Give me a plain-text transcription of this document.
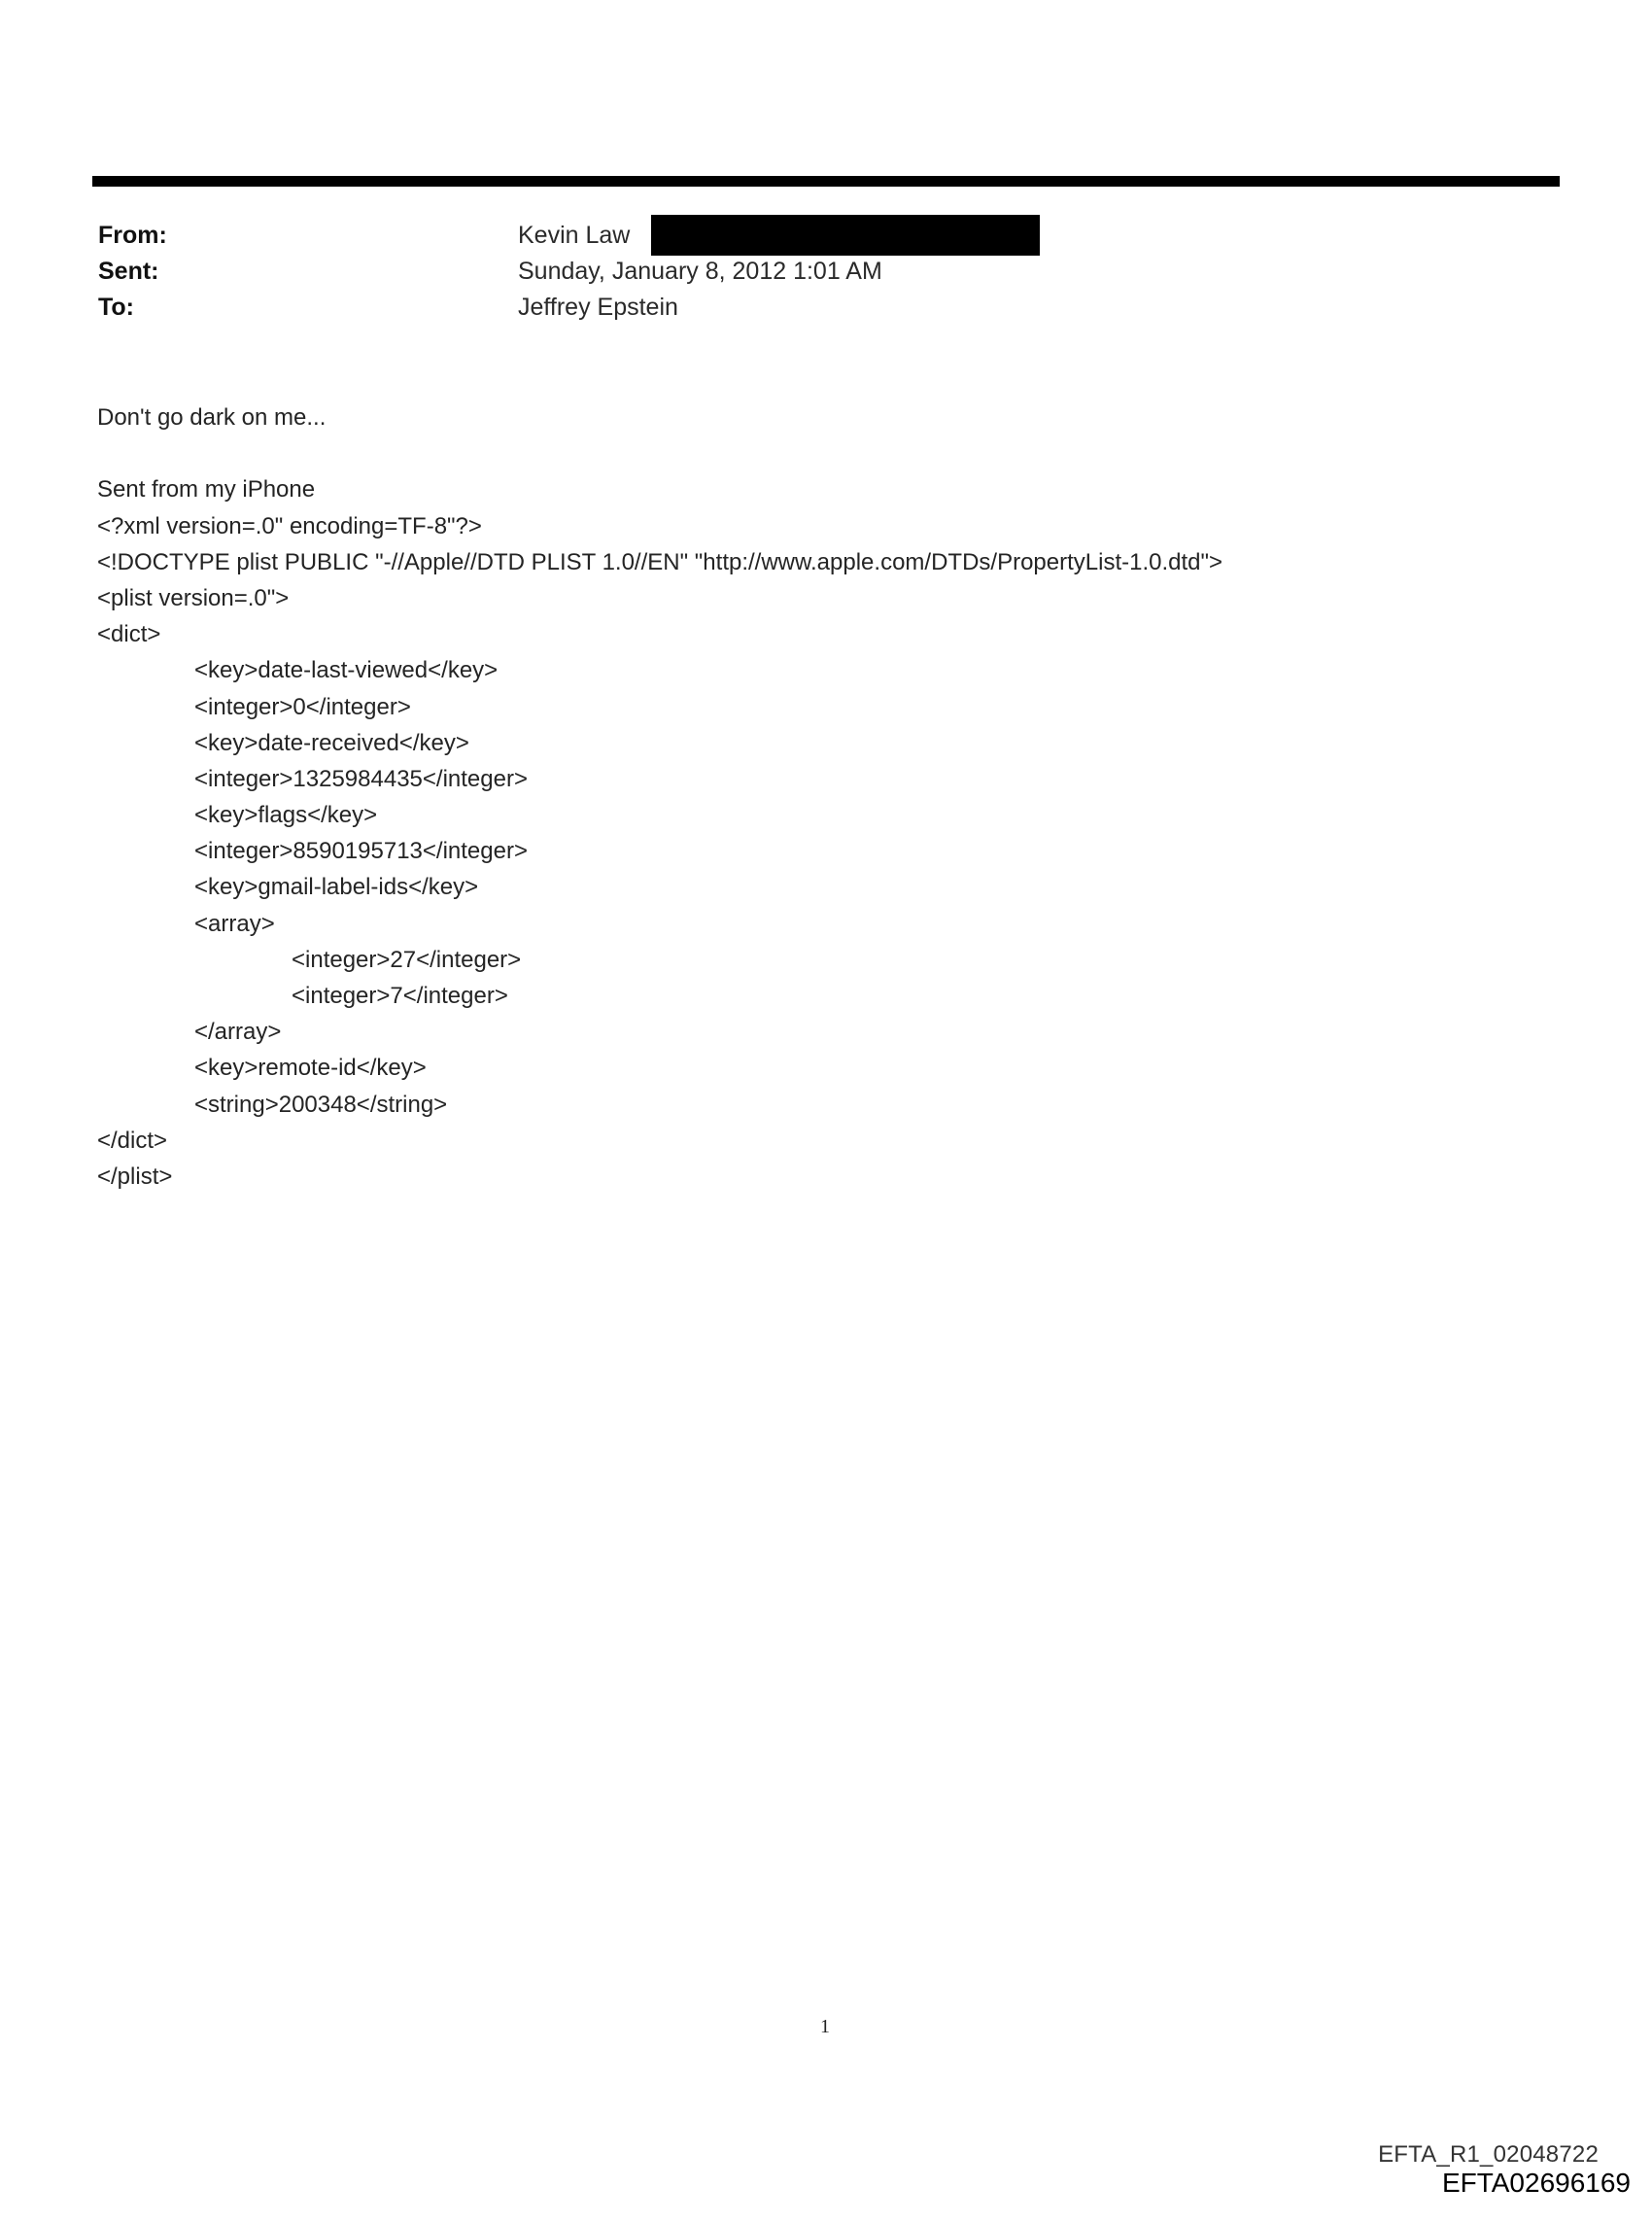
From:	Kevin Law
Sent:	Sunday, January 8, 2012 1:01 AM
To:	Jeffrey Epstein
Don't go dark on me...
Sent from my iPhone
<?xml version=.0" encoding=TF-8"?>
<!DOCTYPE plist PUBLIC "-//Apple//DTD PLIST 1.0//EN" "http://www.apple.com/DTDs/PropertyList-1.0.dtd">
<plist version=.0">
<dict>
<key>date-last-viewed</key>
<integer>0</integer>
<key>date-received</key>
<integer>1325984435</integer>
<key>flags</key>
<integer>8590195713</integer>
<key>gmail-label-ids</key>
<array>
<integer>27</integer>
<integer>7</integer>
</array>
<key>remote-id</key>
<string>200348</string>
</dict>
</plist>
1
EFTA_R1_02048722
EFTA02696169
